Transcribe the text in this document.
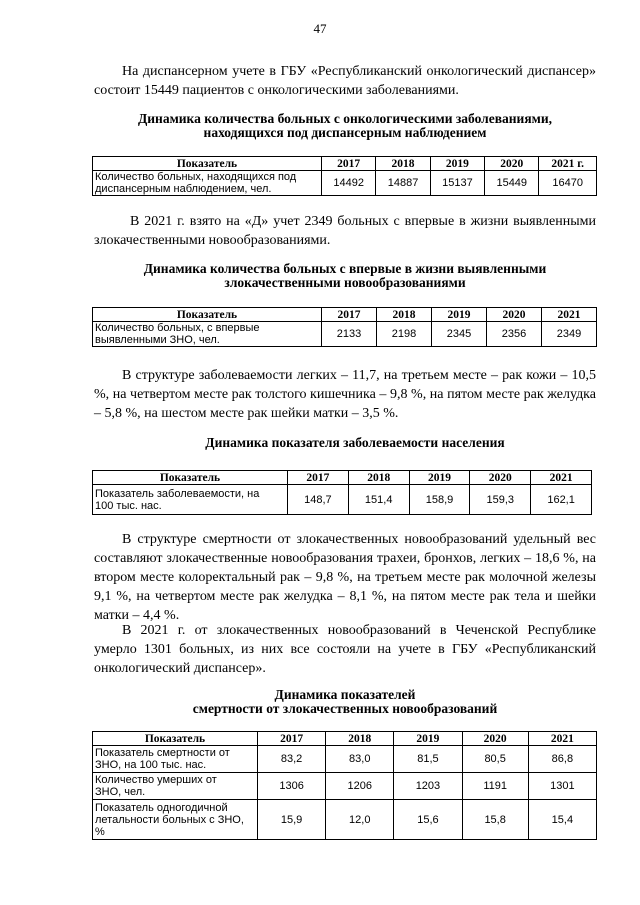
47

На диспансерном учете в ГБУ «Республиканский онкологический диспансер» состоит 15449 пациентов с онкологическими заболеваниями.

Динамика количества больных с онкологическими заболеваниями,
находящихся под диспансерным наблюдением
Показатель	2017	2018	2019	2020	2021 г.

Количество больных, находящихся под
диспансерным наблюдением, чел.	14492	14887	15137	15449	16470

В 2021 г. взято на «Д» учет 2349 больных с впервые в жизни выявленными злокачественными новообразованиями.

Динамика количества больных с впервые в жизни выявленными
злокачественными новообразованиями
Показатель	2017	2018	2019	2020	2021

Количество больных, с впервые
выявленными ЗНО, чел.	2133	2198	2345	2356	2349

В структуре заболеваемости легких – 11,7, на третьем месте – рак кожи – 10,5 %, на четвертом месте рак толстого кишечника – 9,8 %, на пятом месте рак желудка – 5,8 %, на шестом месте рак шейки матки – 3,5 %.

Динамика показателя заболеваемости населения
Показатель	2017	2018	2019	2020	2021

Показатель заболеваемости, на
100 тыс. нас.	148,7	151,4	158,9	159,3	162,1

В структуре смертности от злокачественных новообразований удельный вес составляют злокачественные новообразования трахеи, бронхов, легких – 18,6 %, на втором месте колоректальный рак – 9,8 %, на третьем месте рак молочной железы 9,1 %, на четвертом месте рак желудка – 8,1 %, на пятом месте рак тела и шейки матки – 4,4 %.

В 2021 г. от злокачественных новообразований в Чеченской Республике умерло 1301 больных, из них все состояли на учете в ГБУ «Республиканский онкологический диспансер».

Динамика показателей
смертности от злокачественных новообразований
Показатель	2017	2018	2019	2020	2021

Показатель смертности от
ЗНО, на 100 тыс. нас.	83,2	83,0	81,5	80,5	86,8

Количество умерших от
ЗНО, чел.	1306	1206	1203	1191	1301

Показатель одногодичной
летальности больных с ЗНО,
%	15,9	12,0	15,6	15,8	15,4
